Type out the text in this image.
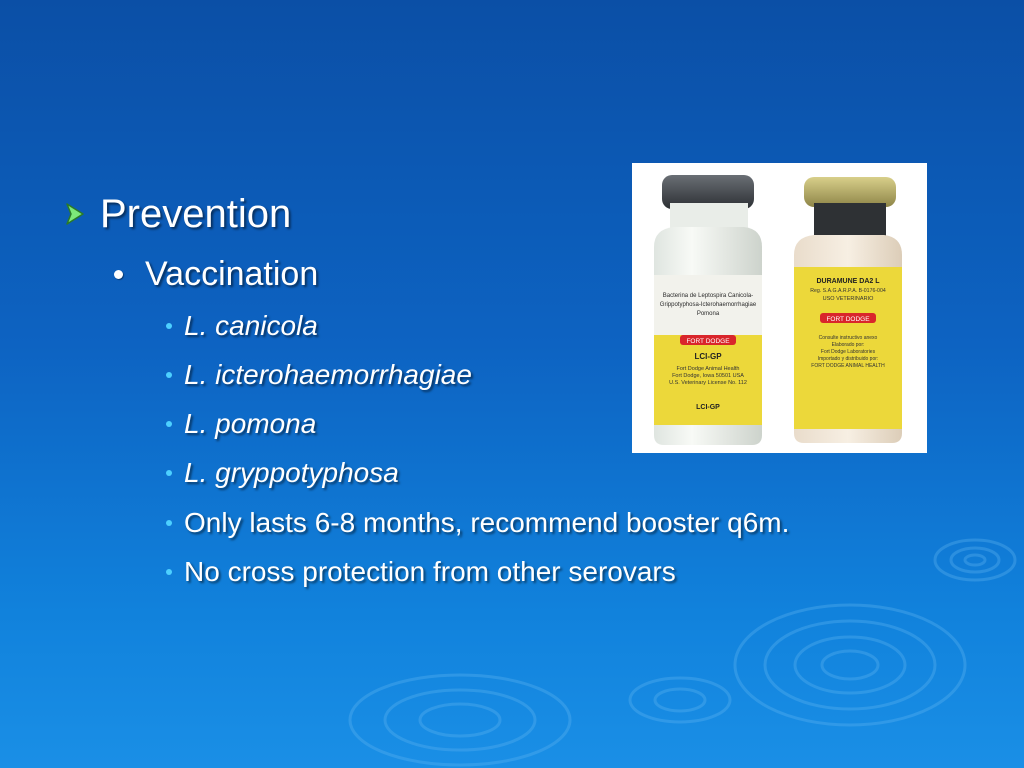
Prevention
Vaccination
L. canicola
L. icterohaemorrhagiae
L. pomona
L. gryppotyphosa
Only lasts 6-8 months, recommend booster q6m.
No cross protection from other serovars
FORT DODGE
Bacterina de Leptospira Canicola-
Grippotyphosa-Icterohaemorrhagiae
Pomona
LCI-GP
Fort Dodge Animal Health
Fort Dodge, Iowa 50501 USA
U.S. Veterinary License No. 112
LCI-GP
DURAMUNE DA2 L
Reg. S.A.G.A.R.P.A. B-0176-004
USO VETERINARIO
FORT DODGE
Consulte instructivo anexo
Elaborado por:
Fort Dodge Laboratories
Importado y distribuido por:
FORT DODGE ANIMAL HEALTH
